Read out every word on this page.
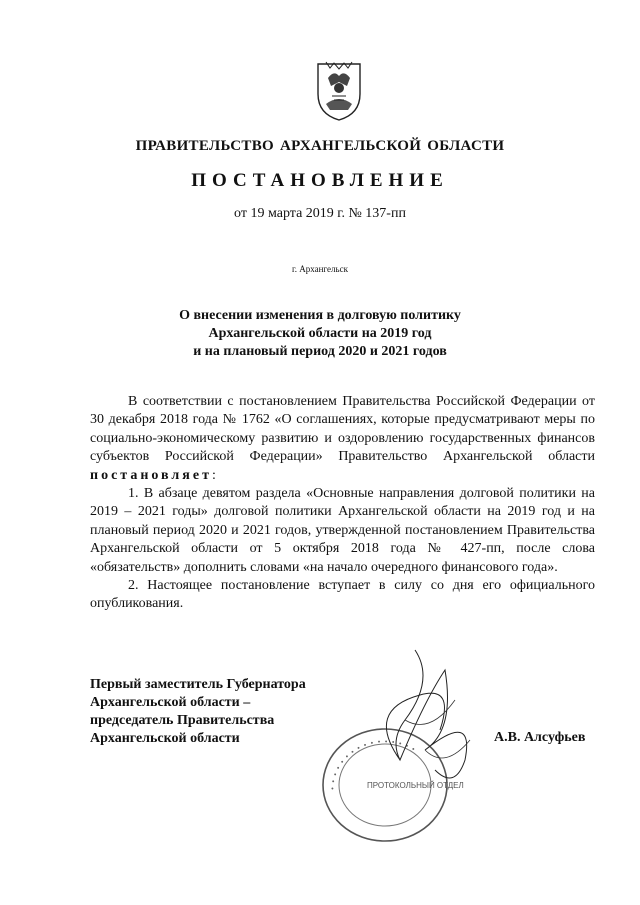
ПРАВИТЕЛЬСТВО АРХАНГЕЛЬСКОЙ ОБЛАСТИ
ПОСТАНОВЛЕНИЕ
от 19 марта 2019 г. № 137-пп
г. Архангельск
О внесении изменения в долговую политику
Архангельской области на 2019 год
и на плановый период 2020 и 2021 годов

В соответствии с постановлением Правительства Российской Федерации от 30 декабря 2018 года № 1762 «О соглашениях, которые предусматривают меры по социально-экономическому развитию и оздоровлению государственных финансов субъектов Российской Федерации» Правительство Архангельской области постановляет:

1. В абзаце девятом раздела «Основные направления долговой политики на 2019 – 2021 годы» долговой политики Архангельской области на 2019 год и на плановый период 2020 и 2021 годов, утвержденной постановлением Правительства Архангельской области от 5 октября 2018 года № 427-пп, после слова «обязательств» дополнить словами «на начало очередного финансового года».

2. Настоящее постановление вступает в силу со дня его официального опубликования.

• • • • • • • • • • • • • • • •
ПРОТОКОЛЬНЫЙ ОТДЕЛ
Первый заместитель Губернатора
Архангельской области –
председатель Правительства
Архангельской области	А.В. Алсуфьев
